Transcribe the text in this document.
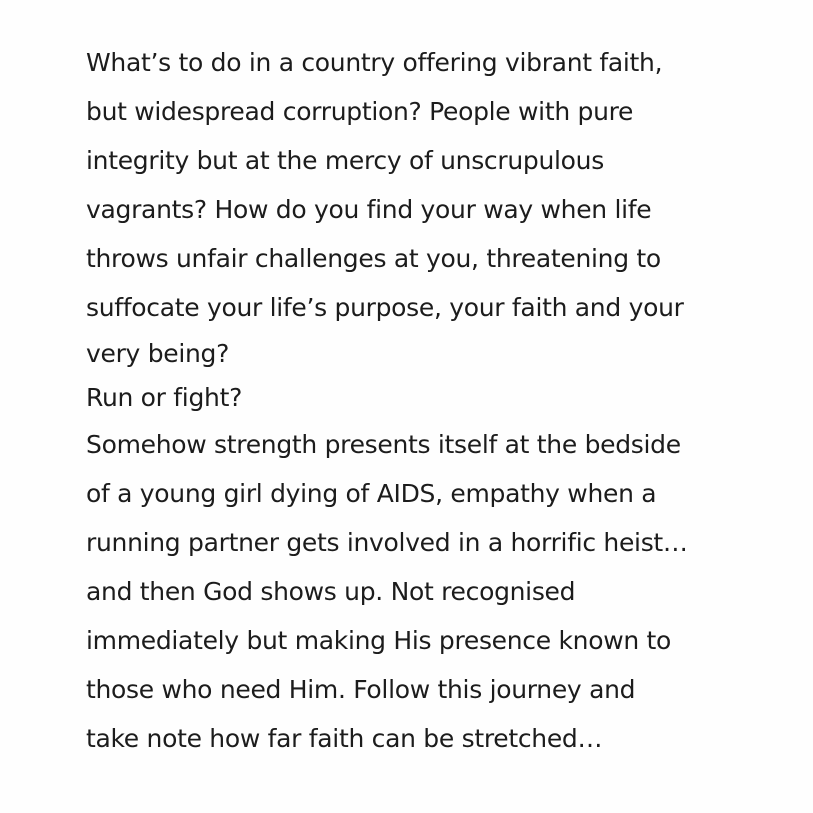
What’s to do in a country offering vibrant faith,
but widespread corruption? People with pure
integrity but at the mercy of unscrupulous
vagrants? How do you find your way when life
throws unfair challenges at you, threatening to
suffocate your life’s purpose, your faith and your
very being?
Run or fight?
Somehow strength presents itself at the bedside
of a young girl dying of AIDS, empathy when a
running partner gets involved in a horrific heist…
and then God shows up. Not recognised
immediately but making His presence known to
those who need Him. Follow this journey and
take note how far faith can be stretched…
